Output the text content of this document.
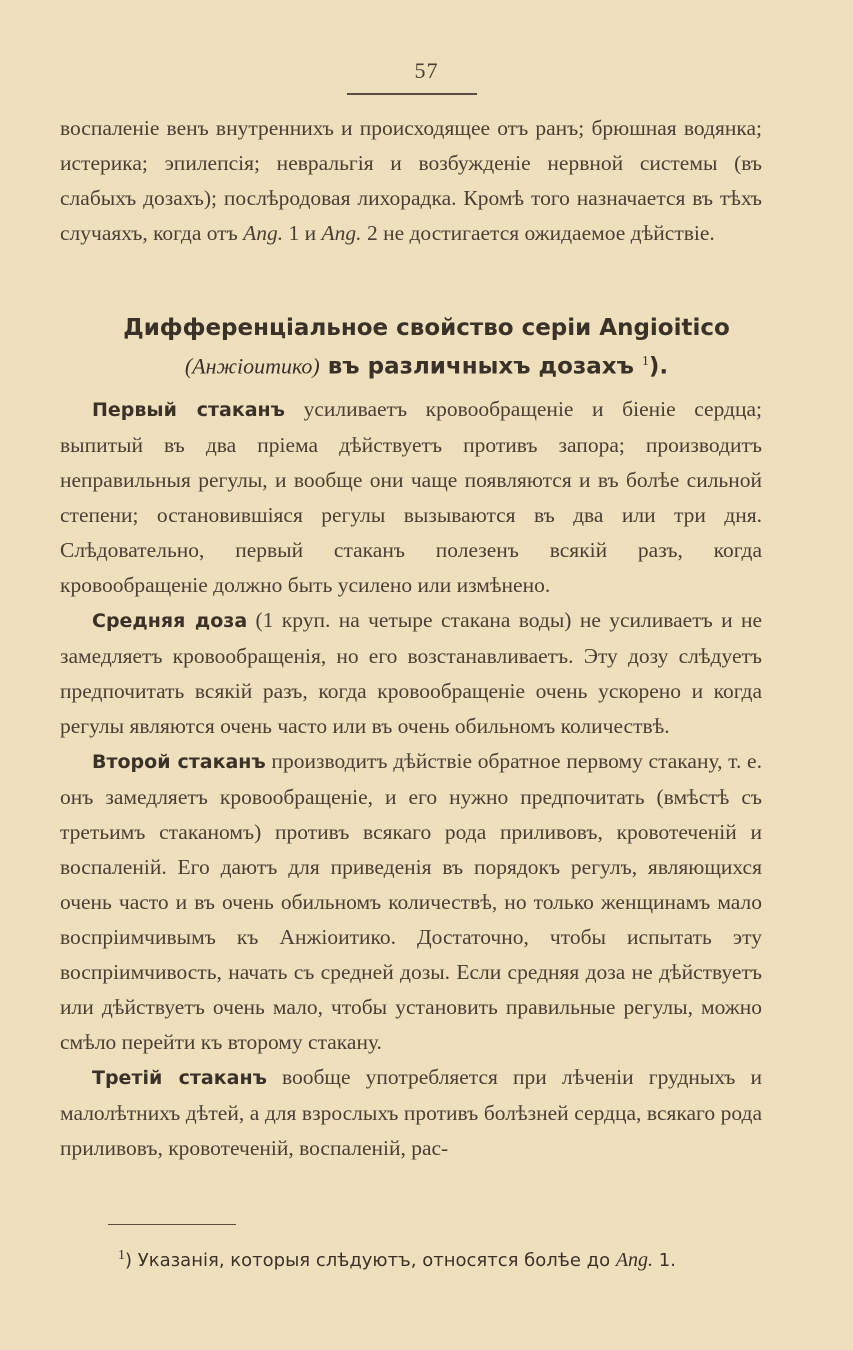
57

воспаленіе венъ внутреннихъ и происходящее отъ ранъ; брюшная водянка; истерика; эпилепсія; невральгія и возбужденіе нервной системы (въ слабыхъ дозахъ); послѣродовая лихорадка. Кромѣ того назначается въ тѣхъ случаяхъ, когда отъ Ang. 1 и Ang. 2 не достигается ожидаемое дѣйствіе.

Дифференціальное свойство серіи Angioitico
(Анжіоитико) въ различныхъ дозахъ $^1$).

Первый стаканъ усиливаетъ кровообращеніе и біеніе сердца; выпитый въ два пріема дѣйствуетъ противъ запора; производитъ неправильныя регулы, и вообще они чаще появляются и въ болѣе сильной степени; остановившіяся регулы вызываются въ два или три дня. Слѣдовательно, первый стаканъ полезенъ всякій разъ, когда кровообращеніе должно быть усилено или измѣнено.

Средняя доза (1 круп. на четыре стакана воды) не усиливаетъ и не замедляетъ кровообращенія, но его возстанавливаетъ. Эту дозу слѣдуетъ предпочитать всякій разъ, когда кровообращеніе очень ускорено и когда регулы являются очень часто или въ очень обильномъ количествѣ.

Второй стаканъ производитъ дѣйствіе обратное первому стакану, т. е. онъ замедляетъ кровообращеніе, и его нужно предпочитать (вмѣстѣ съ третьимъ стаканомъ) противъ всякаго рода приливовъ, кровотеченій и воспаленій. Его даютъ для приведенія въ порядокъ регулъ, являющихся очень часто и въ очень обильномъ количествѣ, но только женщинамъ мало воспріимчивымъ къ Анжіоитико. Достаточно, чтобы испытать эту воспріимчивость, начать съ средней дозы. Если средняя доза не дѣйствуетъ или дѣйствуетъ очень мало, чтобы установить правильные регулы, можно смѣло перейти къ второму стакану.

Третій стаканъ вообще употребляется при лѣченіи грудныхъ и малолѣтнихъ дѣтей, а для взрослыхъ противъ болѣзней сердца, всякаго рода приливовъ, кровотеченій, воспаленій, рас-

$^1$) Указанія, которыя слѣдуютъ, относятся болѣе до Ang. 1.
